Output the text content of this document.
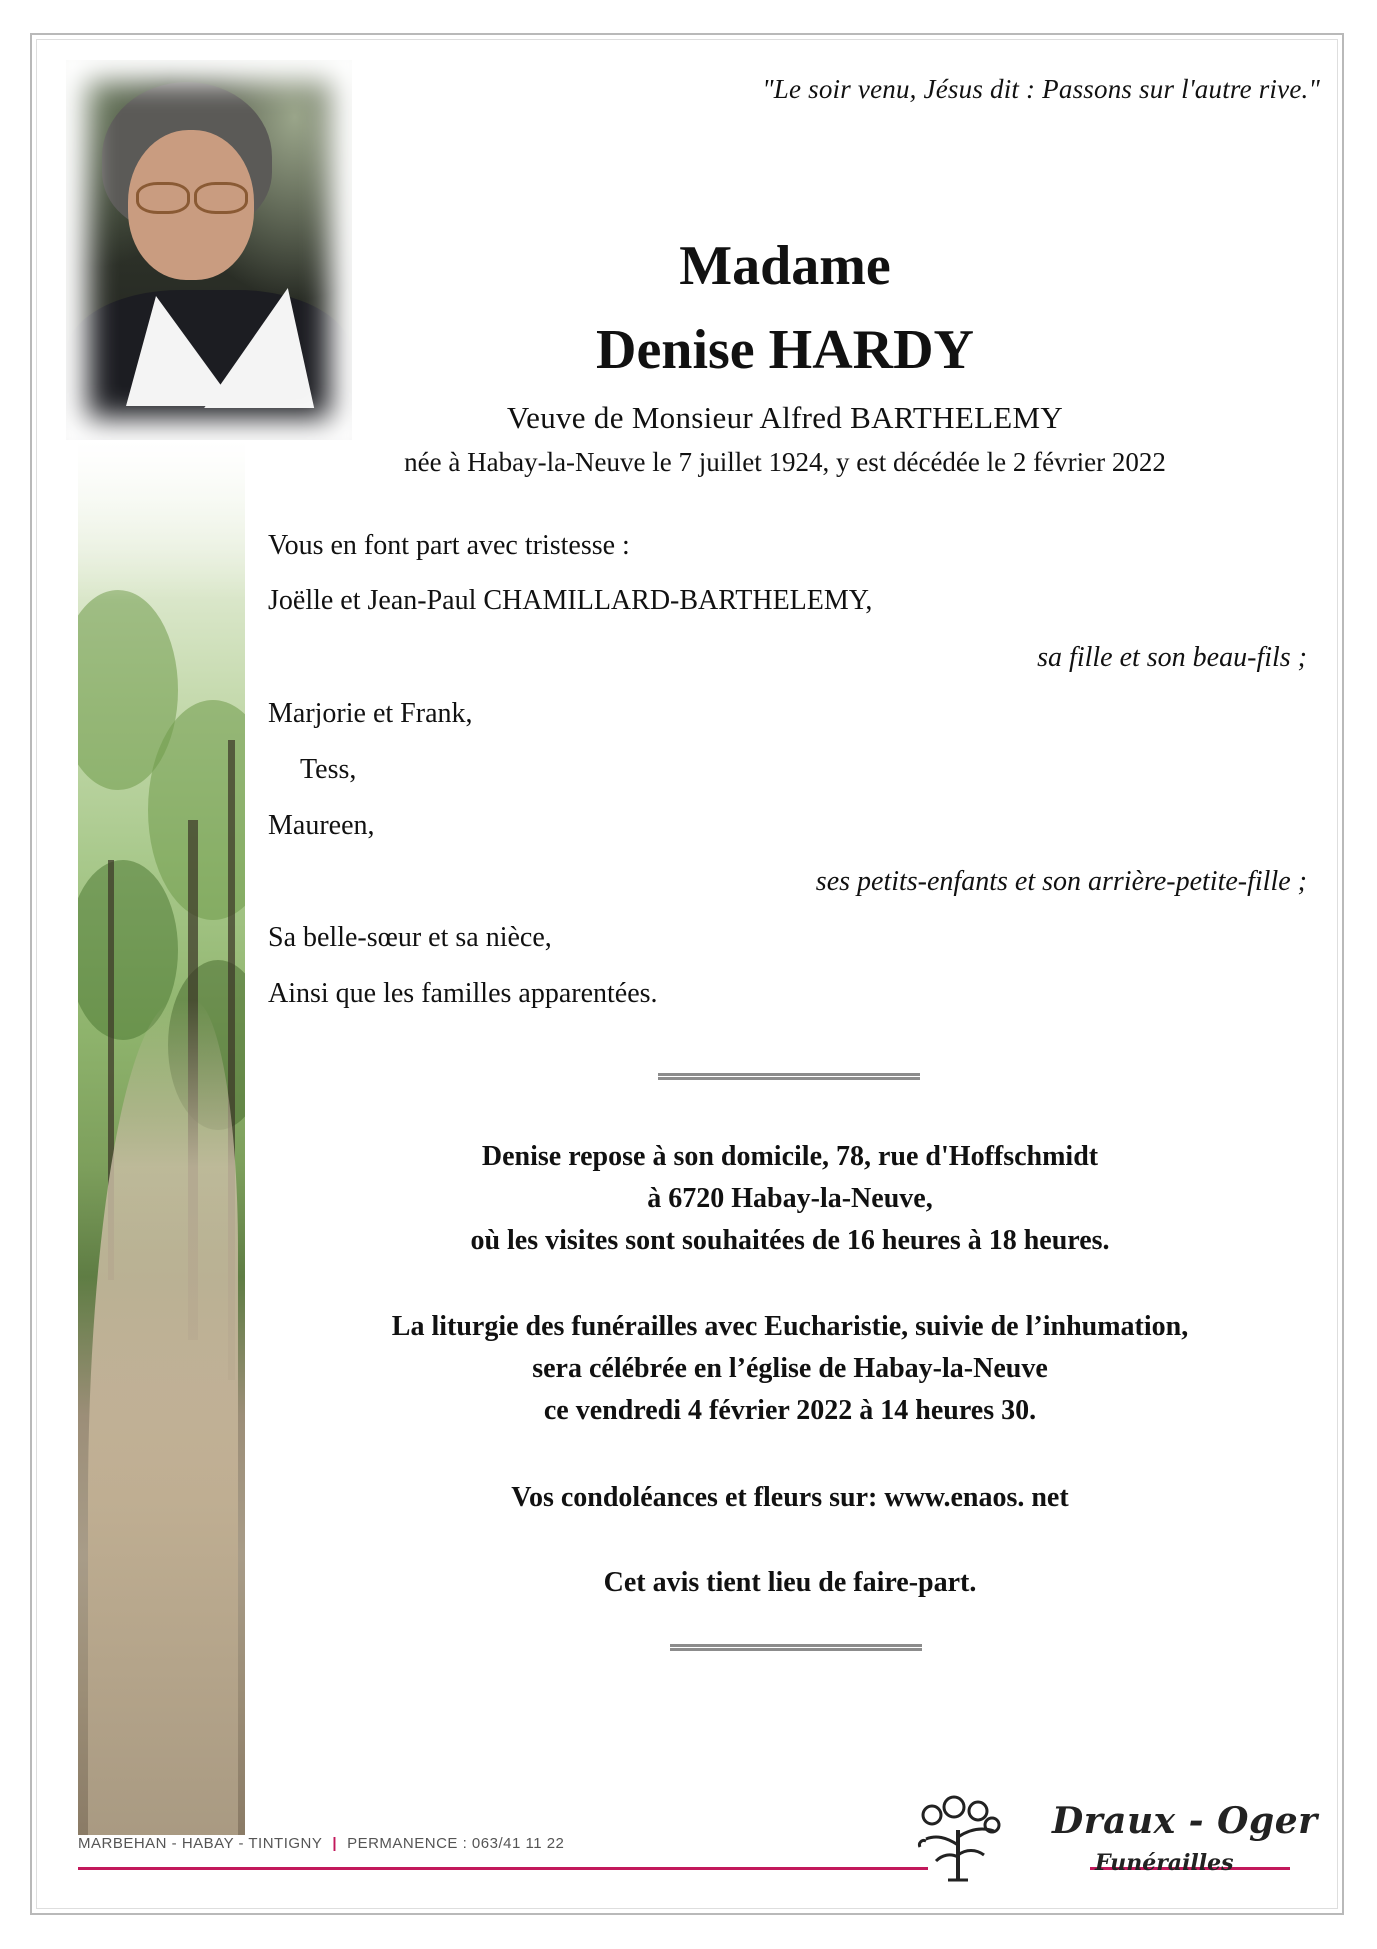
"Le soir venu, Jésus dit : Passons sur l'autre rive."
Madame
Denise HARDY
Veuve de Monsieur Alfred BARTHELEMY
née à Habay-la-Neuve le 7 juillet 1924, y est décédée le 2 février 2022
Vous en font part avec tristesse :
Joëlle et Jean-Paul CHAMILLARD-BARTHELEMY,
sa fille et son beau-fils ;
Marjorie et Frank,
Tess,
Maureen,
ses petits-enfants et son arrière-petite-fille ;
Sa belle-sœur et sa nièce,
Ainsi que les familles apparentées.
Denise repose à son domicile, 78, rue d'Hoffschmidt
à 6720 Habay-la-Neuve,
où les visites sont souhaitées de 16 heures à 18 heures.
La liturgie des funérailles avec Eucharistie, suivie de l’inhumation,
sera célébrée en l’église de Habay-la-Neuve
ce vendredi 4 février 2022 à 14 heures 30.
Vos condoléances et fleurs sur: www.enaos. net
Cet avis tient lieu de faire-part.
MARBEHAN - HABAY - TINTIGNY | PERMANENCE : 063/41 11 22
Draux - Oger
Funérailles
